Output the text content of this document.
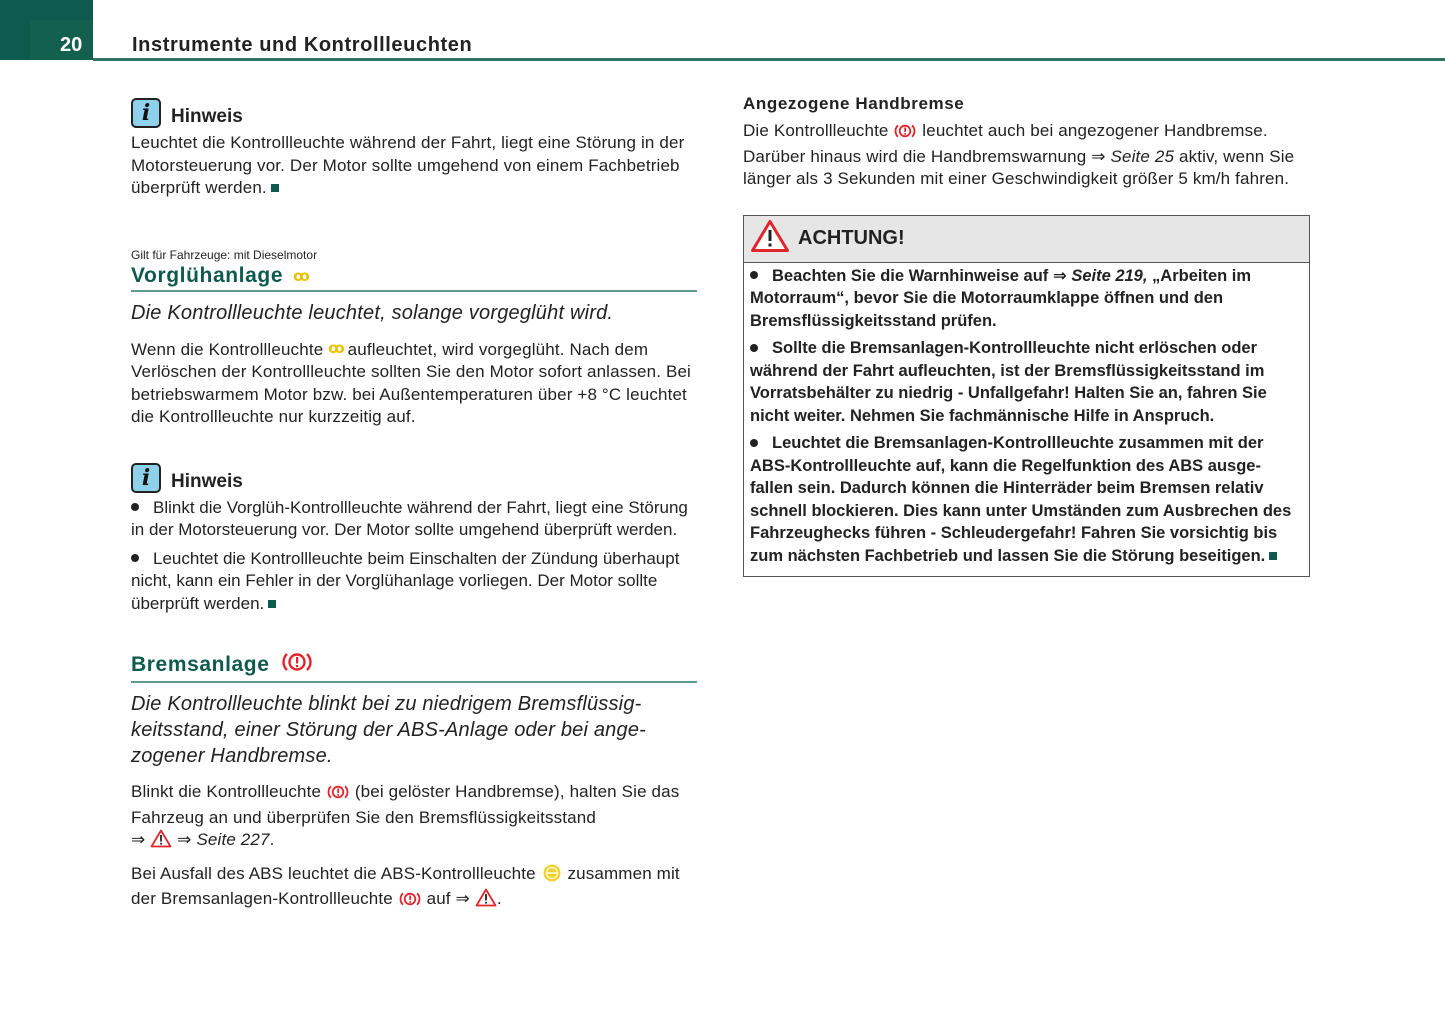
20 Instrumente und Kontrollleuchten
i	Hinweis

Leuchtet die Kontrollleuchte während der Fahrt, liegt eine Störung in der Motorsteuerung vor. Der Motor sollte umgehend von einem Fachbetrieb überprüft werden.

Gilt für Fahrzeuge: mit Dieselmotor
Vorglühanlage ꝏ
Die Kontrollleuchte leuchtet, solange vorgeglüht wird.

Wenn die Kontrollleuchte ꝏ aufleuchtet, wird vorgeglüht. Nach dem Verlöschen der Kontrollleuchte sollten Sie den Motor sofort anlassen. Bei betriebswarmem Motor bzw. bei Außentemperaturen über +8 °C leuchtet die Kontrollleuchte nur kurzzeitig auf.

i	Hinweis

Blinkt die Vorglüh-Kontrollleuchte während der Fahrt, liegt eine Störung in der Motorsteuerung vor. Der Motor sollte umgehend überprüft werden.

Leuchtet die Kontrollleuchte beim Einschalten der Zündung überhaupt nicht, kann ein Fehler in der Vorglühanlage vorliegen. Der Motor sollte überprüft werden.

Bremsanlage
Die Kontrollleuchte blinkt bei zu niedrigem Bremsflüssig-keitsstand, einer Störung der ABS-Anlage oder bei ange-zogener Handbremse.

Blinkt die Kontrollleuchte (bei gelöster Handbremse), halten Sie das Fahrzeug an und überprüfen Sie den Bremsflüssigkeitsstand
⇒ ⇒ Seite 227.

Bei Ausfall des ABS leuchtet die ABS-Kontrollleuchte zusammen mit der Bremsanlagen-Kontrollleuchte auf ⇒ .

Angezogene Handbremse

Die Kontrollleuchte leuchtet auch bei angezogener Handbremse. Darüber hinaus wird die Handbremswarnung ⇒ Seite 25 aktiv, wenn Sie länger als 3 Sekunden mit einer Geschwindigkeit größer 5 km/h fahren.

ACHTUNG!

Beachten Sie die Warnhinweise auf ⇒ Seite 219, „Arbeiten im Motorraum“, bevor Sie die Motorraumklappe öffnen und den Bremsflüssigkeitsstand prüfen.

Sollte die Bremsanlagen-Kontrollleuchte nicht erlöschen oder während der Fahrt aufleuchten, ist der Bremsflüssigkeitsstand im Vorratsbehälter zu niedrig - Unfallgefahr! Halten Sie an, fahren Sie nicht weiter. Nehmen Sie fachmännische Hilfe in Anspruch.

Leuchtet die Bremsanlagen-Kontrollleuchte zusammen mit der ABS-Kontrollleuchte auf, kann die Regelfunktion des ABS ausge-fallen sein. Dadurch können die Hinterräder beim Bremsen relativ schnell blockieren. Dies kann unter Umständen zum Ausbrechen des Fahrzeughecks führen - Schleudergefahr! Fahren Sie vorsichtig bis zum nächsten Fachbetrieb und lassen Sie die Störung beseitigen.
